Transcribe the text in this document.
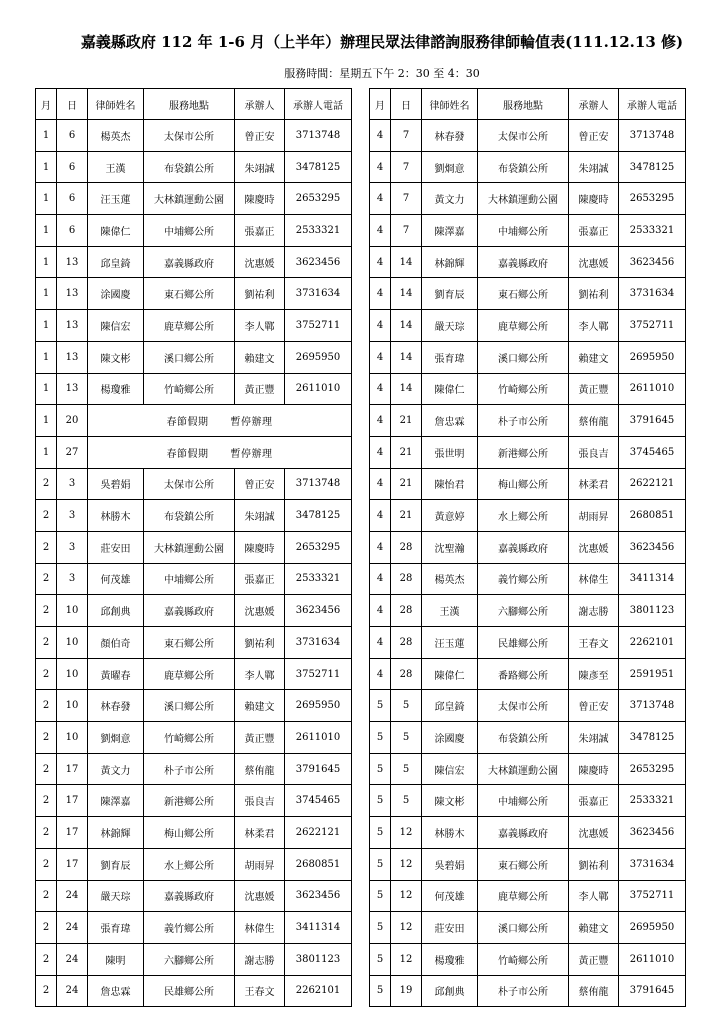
嘉義縣政府 112 年 1-6 月（上半年）辦理民眾法律諮詢服務律師輪值表(111.12.13 修)
服務時間：星期五下午 2：30 至 4：30
月	日	律師姓名	服務地點	承辦人	承辦人電話
1	6	楊英杰	太保市公所	曾正安	3713748
1	6	王漢	布袋鎮公所	朱翊誠	3478125
1	6	汪玉蓮	大林鎮運動公園	陳慶時	2653295
1	6	陳偉仁	中埔鄉公所	張嘉正	2533321
1	13	邱皇錡	嘉義縣政府	沈惠媛	3623456
1	13	涂國慶	東石鄉公所	劉祐利	3731634
1	13	陳信宏	鹿草鄉公所	李人鄲	3752711
1	13	陳文彬	溪口鄉公所	賴建文	2695950
1	13	楊瓊雅	竹崎鄉公所	黃正豐	2611010
1	20	春節假期 暫停辦理			
1	27	春節假期 暫停辦理			
2	3	吳碧娟	太保市公所	曾正安	3713748
2	3	林勝木	布袋鎮公所	朱翊誠	3478125
2	3	莊安田	大林鎮運動公園	陳慶時	2653295
2	3	何茂雄	中埔鄉公所	張嘉正	2533321
2	10	邱創典	嘉義縣政府	沈惠媛	3623456
2	10	顏伯奇	東石鄉公所	劉祐利	3731634
2	10	黃曜春	鹿草鄉公所	李人鄲	3752711
2	10	林春發	溪口鄉公所	賴建文	2695950
2	10	劉烱意	竹崎鄉公所	黃正豐	2611010
2	17	黃文力	朴子市公所	蔡侑龍	3791645
2	17	陳澤嘉	新港鄉公所	張良吉	3745465
2	17	林錦輝	梅山鄉公所	林柔君	2622121
2	17	劉育辰	水上鄉公所	胡雨昇	2680851
2	24	嚴天琮	嘉義縣政府	沈惠媛	3623456
2	24	張育瑋	義竹鄉公所	林偉生	3411314
2	24	陳明	六腳鄉公所	謝志勝	3801123
2	24	詹忠霖	民雄鄉公所	王春文	2262101
月	日	律師姓名	服務地點	承辦人	承辦人電話
4	7	林春發	太保市公所	曾正安	3713748
4	7	劉烱意	布袋鎮公所	朱翊誠	3478125
4	7	黃文力	大林鎮運動公園	陳慶時	2653295
4	7	陳澤嘉	中埔鄉公所	張嘉正	2533321
4	14	林錦輝	嘉義縣政府	沈惠媛	3623456
4	14	劉育辰	東石鄉公所	劉祐利	3731634
4	14	嚴天琮	鹿草鄉公所	李人鄲	3752711
4	14	張育瑋	溪口鄉公所	賴建文	2695950
4	14	陳偉仁	竹崎鄉公所	黃正豐	2611010
4	21	詹忠霖	朴子市公所	蔡侑龍	3791645
4	21	張世明	新港鄉公所	張良吉	3745465
4	21	陳怡君	梅山鄉公所	林柔君	2622121
4	21	黃意婷	水上鄉公所	胡雨昇	2680851
4	28	沈聖瀚	嘉義縣政府	沈惠媛	3623456
4	28	楊英杰	義竹鄉公所	林偉生	3411314
4	28	王漢	六腳鄉公所	謝志勝	3801123
4	28	汪玉蓮	民雄鄉公所	王春文	2262101
4	28	陳偉仁	番路鄉公所	陳彥至	2591951
5	5	邱皇錡	太保市公所	曾正安	3713748
5	5	涂國慶	布袋鎮公所	朱翊誠	3478125
5	5	陳信宏	大林鎮運動公園	陳慶時	2653295
5	5	陳文彬	中埔鄉公所	張嘉正	2533321
5	12	林勝木	嘉義縣政府	沈惠媛	3623456
5	12	吳碧娟	東石鄉公所	劉祐利	3731634
5	12	何茂雄	鹿草鄉公所	李人鄲	3752711
5	12	莊安田	溪口鄉公所	賴建文	2695950
5	12	楊瓊雅	竹崎鄉公所	黃正豐	2611010
5	19	邱創典	朴子市公所	蔡侑龍	3791645
